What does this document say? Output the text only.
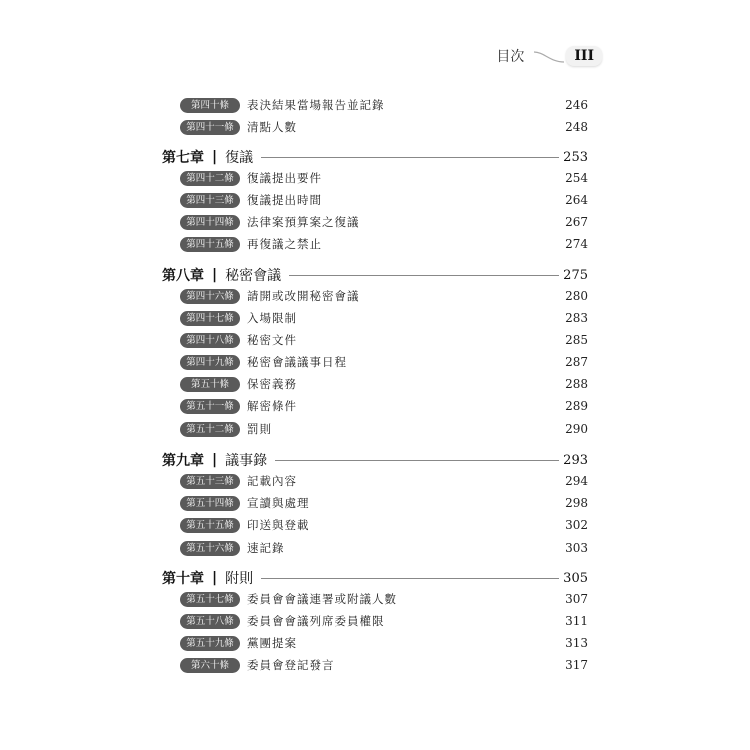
目次	III
第四十條	表決結果當場報告並記錄	246
第四十一條	清點人數	248
第七章 | 復議	253
第四十二條	復議提出要件	254
第四十三條	復議提出時間	264
第四十四條	法律案預算案之復議	267
第四十五條	再復議之禁止	274
第八章 | 秘密會議	275
第四十六條	請開或改開秘密會議	280
第四十七條	入場限制	283
第四十八條	秘密文件	285
第四十九條	秘密會議議事日程	287
第五十條	保密義務	288
第五十一條	解密條件	289
第五十二條	罰則	290
第九章 | 議事錄	293
第五十三條	記載內容	294
第五十四條	宣讀與處理	298
第五十五條	印送與登載	302
第五十六條	速記錄	303
第十章 | 附則	305
第五十七條	委員會會議連署或附議人數	307
第五十八條	委員會會議列席委員權限	311
第五十九條	黨團提案	313
第六十條	委員會登記發言	317
